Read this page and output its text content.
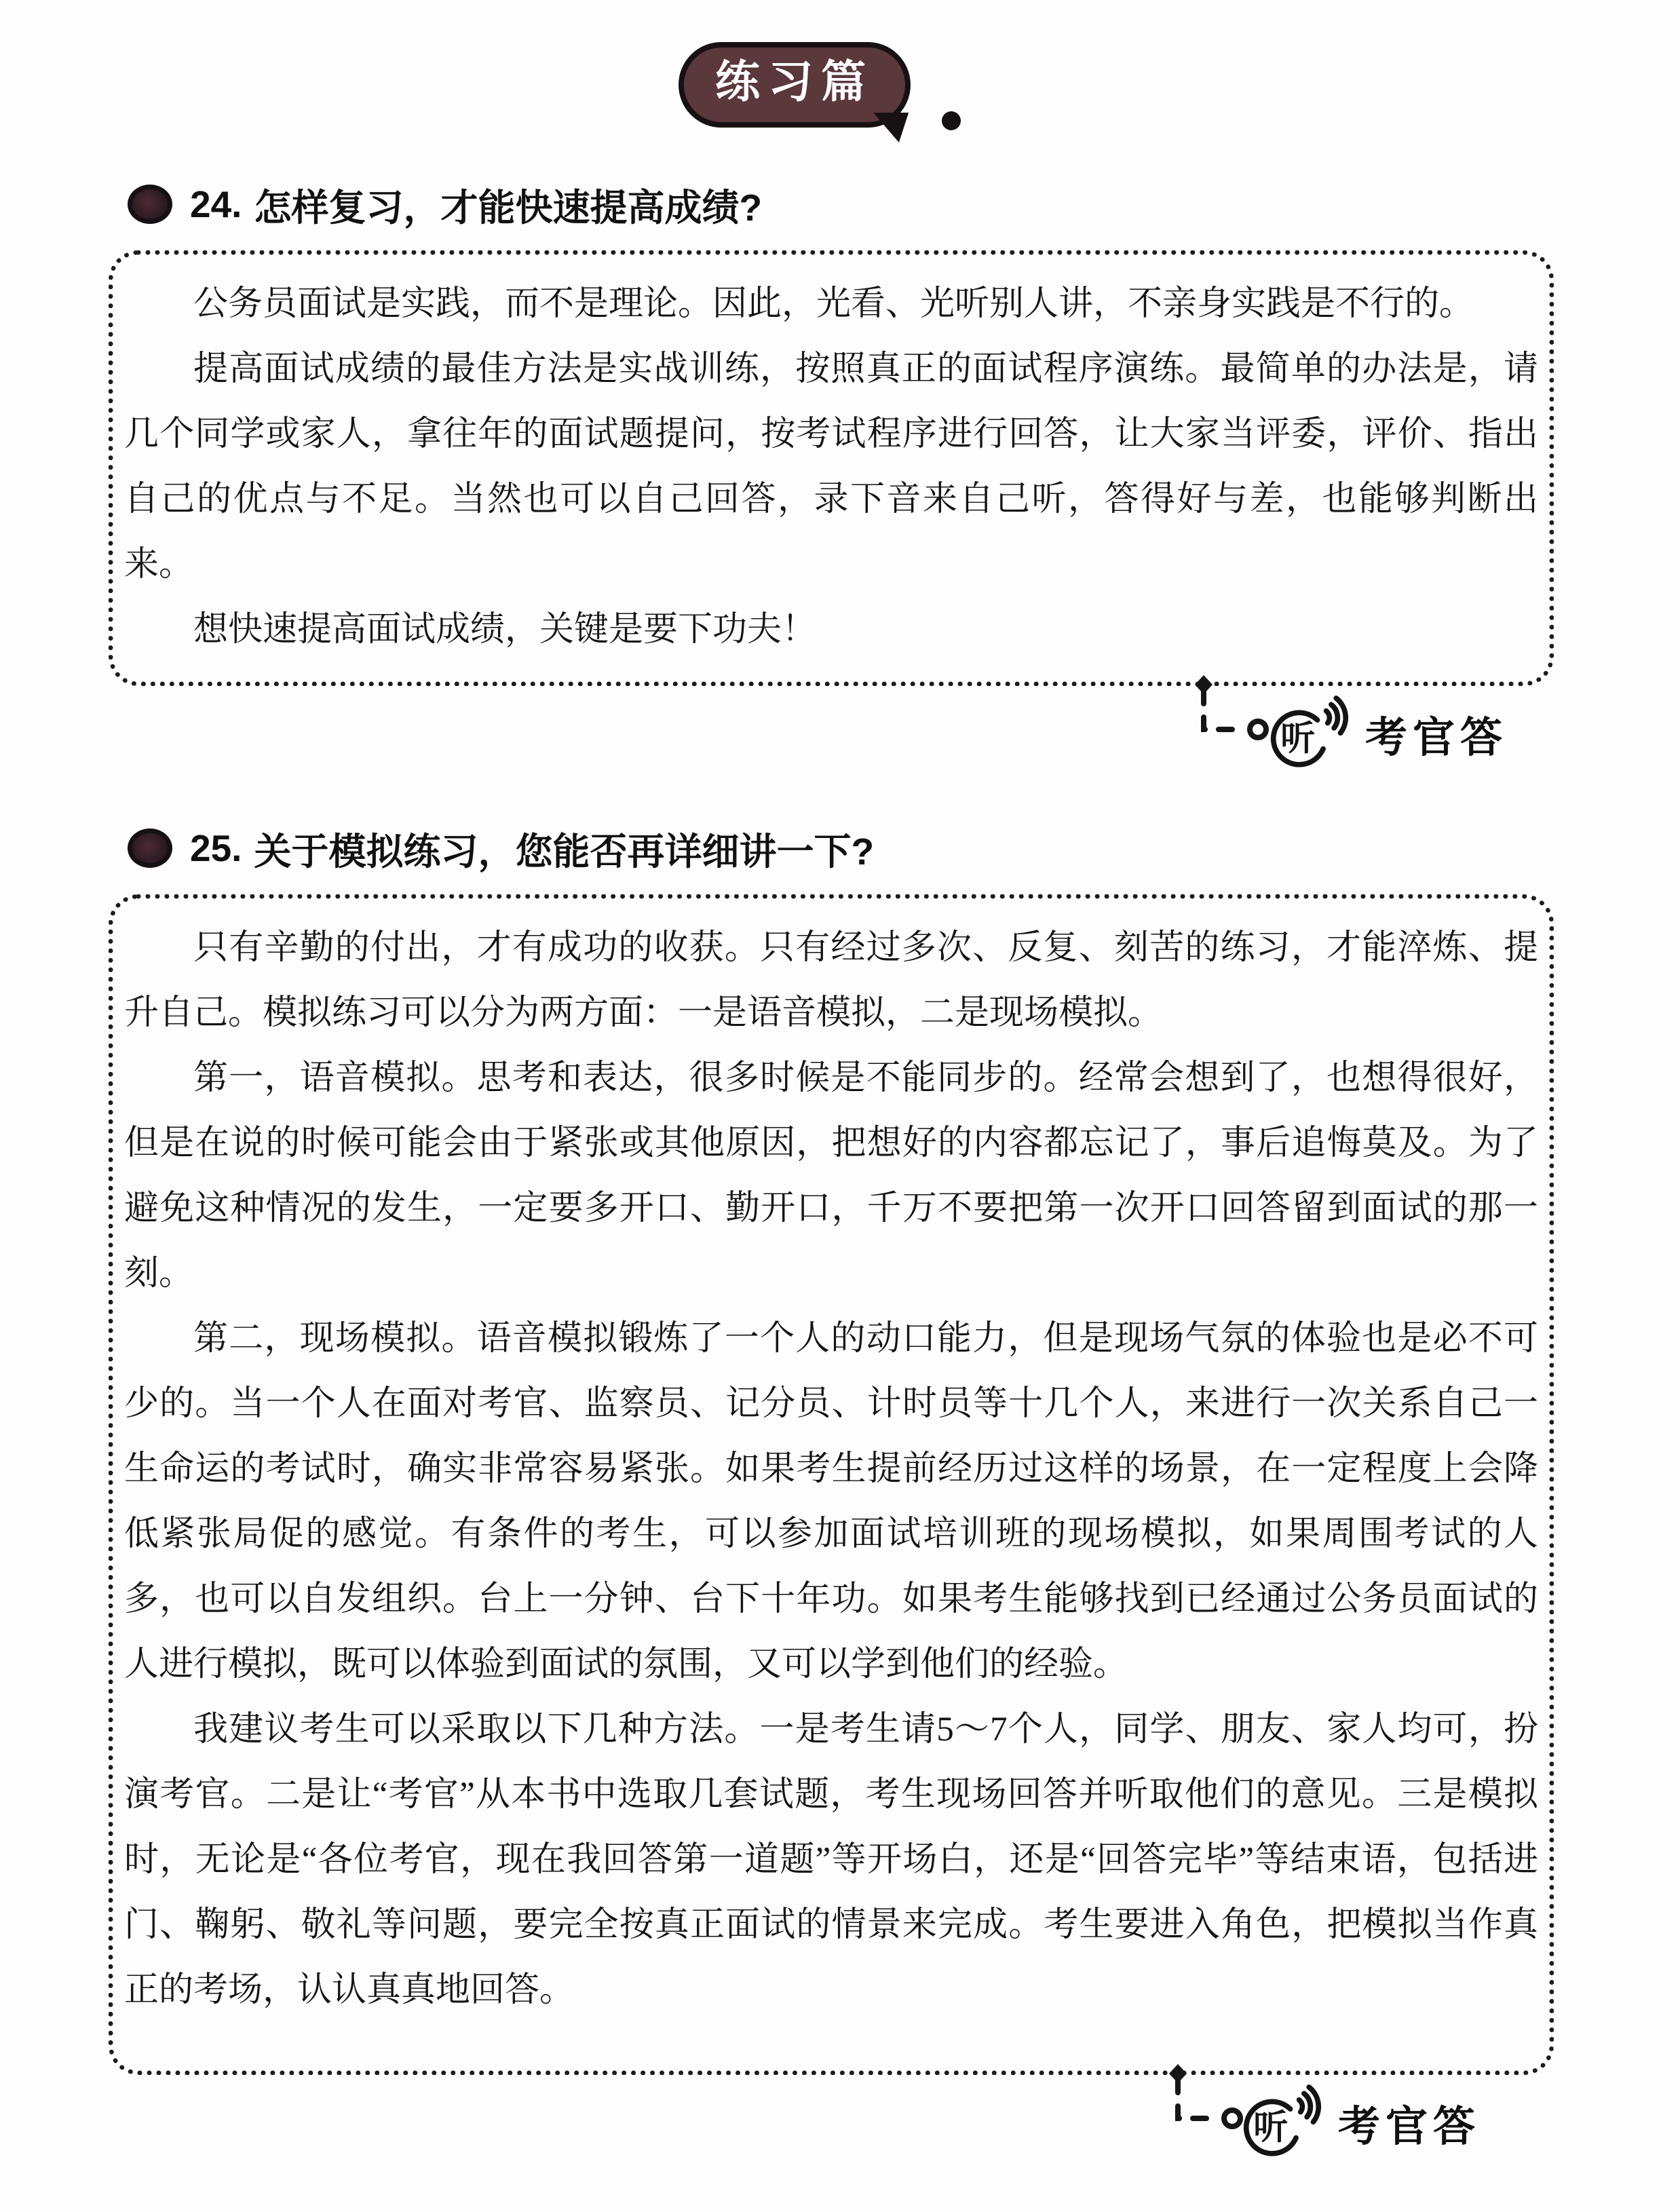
练习篇
24. 怎样复习，才能快速提高成绩?

公务员面试是实践，而不是理论。因此，光看、光听别人讲，不亲身实践是不行的。

提高面试成绩的最佳方法是实战训练，按照真正的面试程序演练。最简单的办法是，请几个同学或家人，拿往年的面试题提问，按考试程序进行回答，让大家当评委，评价、指出自己的优点与不足。当然也可以自己回答，录下音来自己听，答得好与差，也能够判断出来。

想快速提高面试成绩，关键是要下功夫！

听 考官答
25. 关于模拟练习，您能否再详细讲一下?

只有辛勤的付出，才有成功的收获。只有经过多次、反复、刻苦的练习，才能淬炼、提升自己。模拟练习可以分为两方面：一是语音模拟，二是现场模拟。

第一，语音模拟。思考和表达，很多时候是不能同步的。经常会想到了，也想得很好，但是在说的时候可能会由于紧张或其他原因，把想好的内容都忘记了，事后追悔莫及。为了避免这种情况的发生，一定要多开口、勤开口，千万不要把第一次开口回答留到面试的那一刻。

第二，现场模拟。语音模拟锻炼了一个人的动口能力，但是现场气氛的体验也是必不可少的。当一个人在面对考官、监察员、记分员、计时员等十几个人，来进行一次关系自己一生命运的考试时，确实非常容易紧张。如果考生提前经历过这样的场景，在一定程度上会降低紧张局促的感觉。有条件的考生，可以参加面试培训班的现场模拟，如果周围考试的人多，也可以自发组织。台上一分钟、台下十年功。如果考生能够找到已经通过公务员面试的人进行模拟，既可以体验到面试的氛围，又可以学到他们的经验。

我建议考生可以采取以下几种方法。一是考生请5～7个人，同学、朋友、家人均可，扮演考官。二是让“考官”从本书中选取几套试题，考生现场回答并听取他们的意见。三是模拟时，无论是“各位考官，现在我回答第一道题”等开场白，还是“回答完毕”等结束语，包括进门、鞠躬、敬礼等问题，要完全按真正面试的情景来完成。考生要进入角色，把模拟当作真正的考场，认认真真地回答。

听 考官答
